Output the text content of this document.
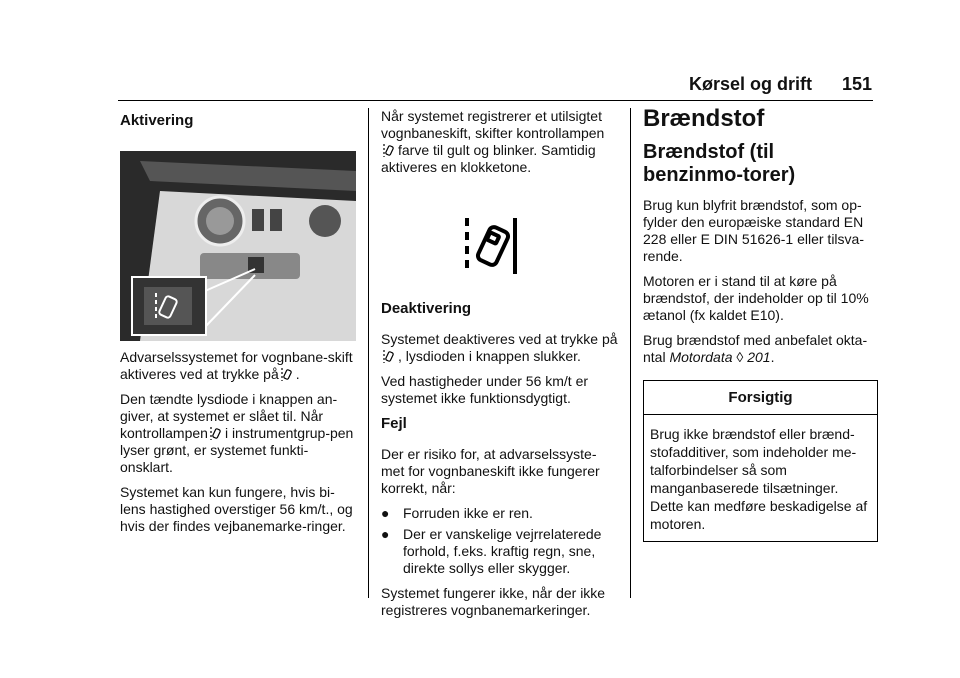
Kørsel og drift 151
Aktivering

Advarselssystemet for vognbane-skift aktiveres ved at trykke på .

Den tændte lysdiode i knappen an-giver, at systemet er slået til. Når kontrollampen i instrumentgrup-pen lyser grønt, er systemet funkti-onsklart.

Systemet kan kun fungere, hvis bi-lens hastighed overstiger 56 km/t., og hvis der findes vejbanemarke-ringer.

Når systemet registrerer et utilsigtet vognbaneskift, skifter kontrollampen farve til gult og blinker. Samtidig aktiveres en klokketone.

Deaktivering

Systemet deaktiveres ved at trykke på, lysdioden i knappen slukker.

Ved hastigheder under 56 km/t er systemet ikke funktionsdygtigt.

Fejl

Der er risiko for, at advarselssyste-met for vognbaneskift ikke fungerer korrekt, når:

● Forruden ikke er ren.
● Der er vanskelige vejrrelaterede forhold, f.eks. kraftig regn, sne, direkte sollys eller skygger.

Systemet fungerer ikke, når der ikke registreres vognbanemarkeringer.

Brændstof
Brændstof (til benzinmo-torer)

Brug kun blyfrit brændstof, som op-fylder den europæiske standard EN 228 eller E DIN 51626-1 eller tilsva-rende.

Motoren er i stand til at køre på brændstof, der indeholder op til 10% ætanol (fx kaldet E10).

Brug brændstof med anbefalet okta-ntal Motordata ◊ 201.

Forsigtig
Brug ikke brændstof eller brænd-stofadditiver, som indeholder me-talforbindelser så som manganbaserede tilsætninger. Dette kan medføre beskadigelse af motoren.
